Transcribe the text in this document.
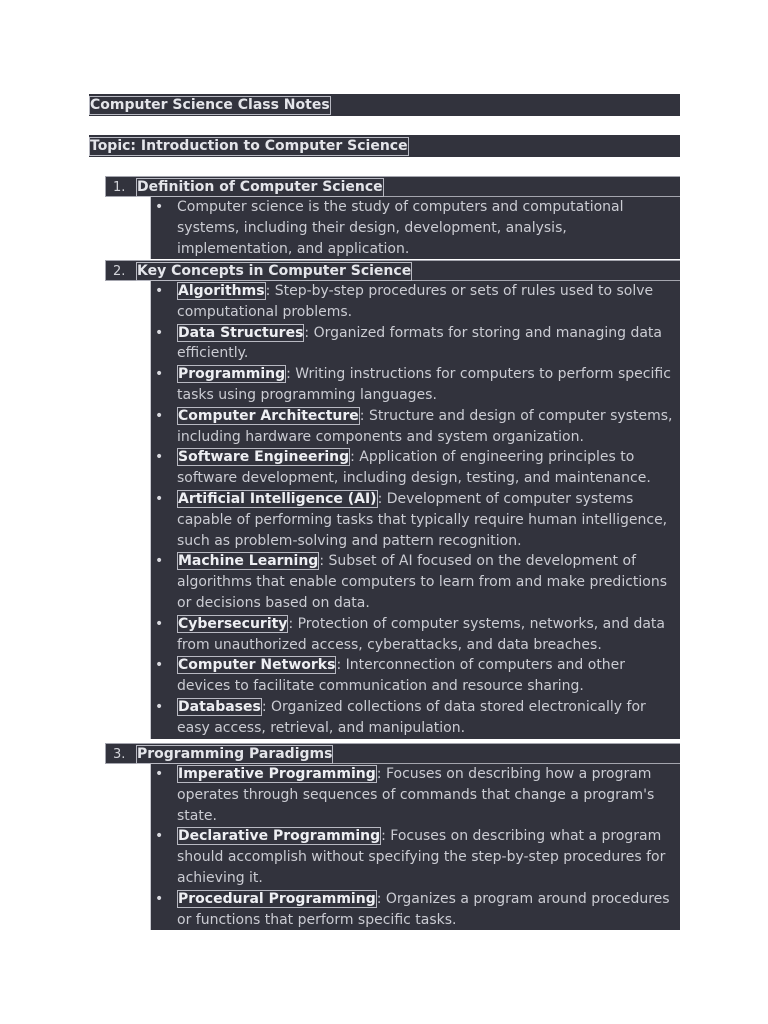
Computer Science Class Notes
Topic: Introduction to Computer Science
1. Definition of Computer Science
• Computer science is the study of computers and computational systems, including their design, development, analysis, implementation, and application.
2. Key Concepts in Computer Science
• Algorithms: Step-by-step procedures or sets of rules used to solve computational problems.
• Data Structures: Organized formats for storing and managing data efficiently.
• Programming: Writing instructions for computers to perform specific tasks using programming languages.
• Computer Architecture: Structure and design of computer systems, including hardware components and system organization.
• Software Engineering: Application of engineering principles to software development, including design, testing, and maintenance.
• Artificial Intelligence (AI): Development of computer systems capable of performing tasks that typically require human intelligence, such as problem-solving and pattern recognition.
• Machine Learning: Subset of AI focused on the development of algorithms that enable computers to learn from and make predictions or decisions based on data.
• Cybersecurity: Protection of computer systems, networks, and data from unauthorized access, cyberattacks, and data breaches.
• Computer Networks: Interconnection of computers and other devices to facilitate communication and resource sharing.
• Databases: Organized collections of data stored electronically for easy access, retrieval, and manipulation.
3. Programming Paradigms
• Imperative Programming: Focuses on describing how a program operates through sequences of commands that change a program's state.
• Declarative Programming: Focuses on describing what a program should accomplish without specifying the step-by-step procedures for achieving it.
• Procedural Programming: Organizes a program around procedures or functions that perform specific tasks.
